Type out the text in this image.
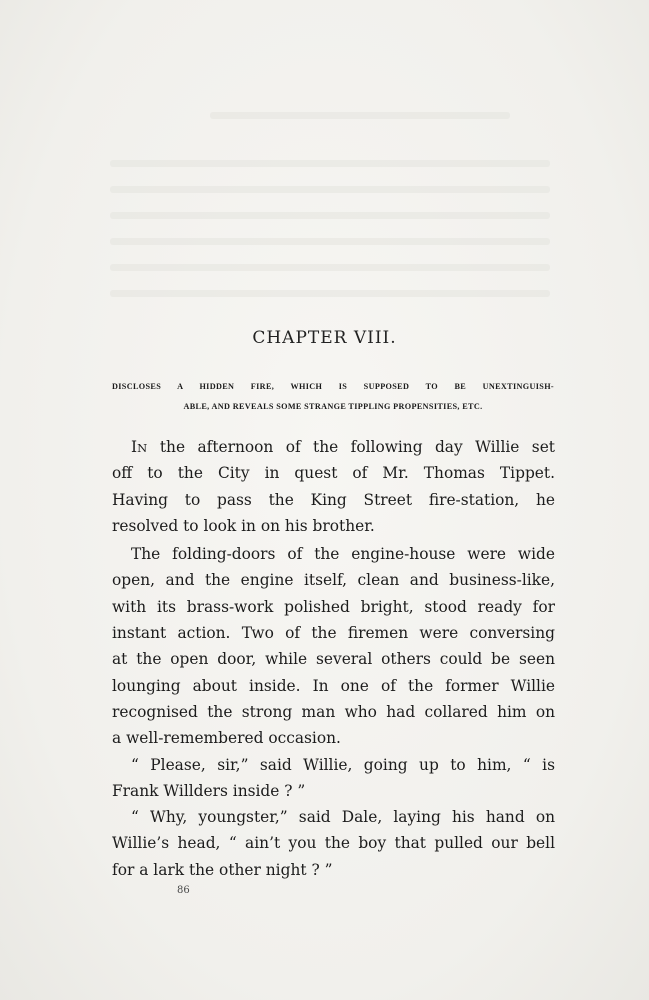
CHAPTER VIII.
DISCLOSES A HIDDEN FIRE, WHICH IS SUPPOSED TO BE UNEXTINGUISH-
ABLE, AND REVEALS SOME STRANGE TIPPLING PROPENSITIES, ETC.
IN the afternoon of the following day Willie set
off to the City in quest of Mr. Thomas Tippet.
Having to pass the King Street fire-station, he
resolved to look in on his brother.
The folding-doors of the engine-house were wide
open, and the engine itself, clean and business-like,
with its brass-work polished bright, stood ready for
instant action. Two of the firemen were conversing
at the open door, while several others could be seen
lounging about inside. In one of the former Willie
recognised the strong man who had collared him on
a well-remembered occasion.
“ Please, sir,” said Willie, going up to him, “ is
Frank Willders inside ? ”
“ Why, youngster,” said Dale, laying his hand on
Willie’s head, “ ain’t you the boy that pulled our bell
for a lark the other night ? ”
86
